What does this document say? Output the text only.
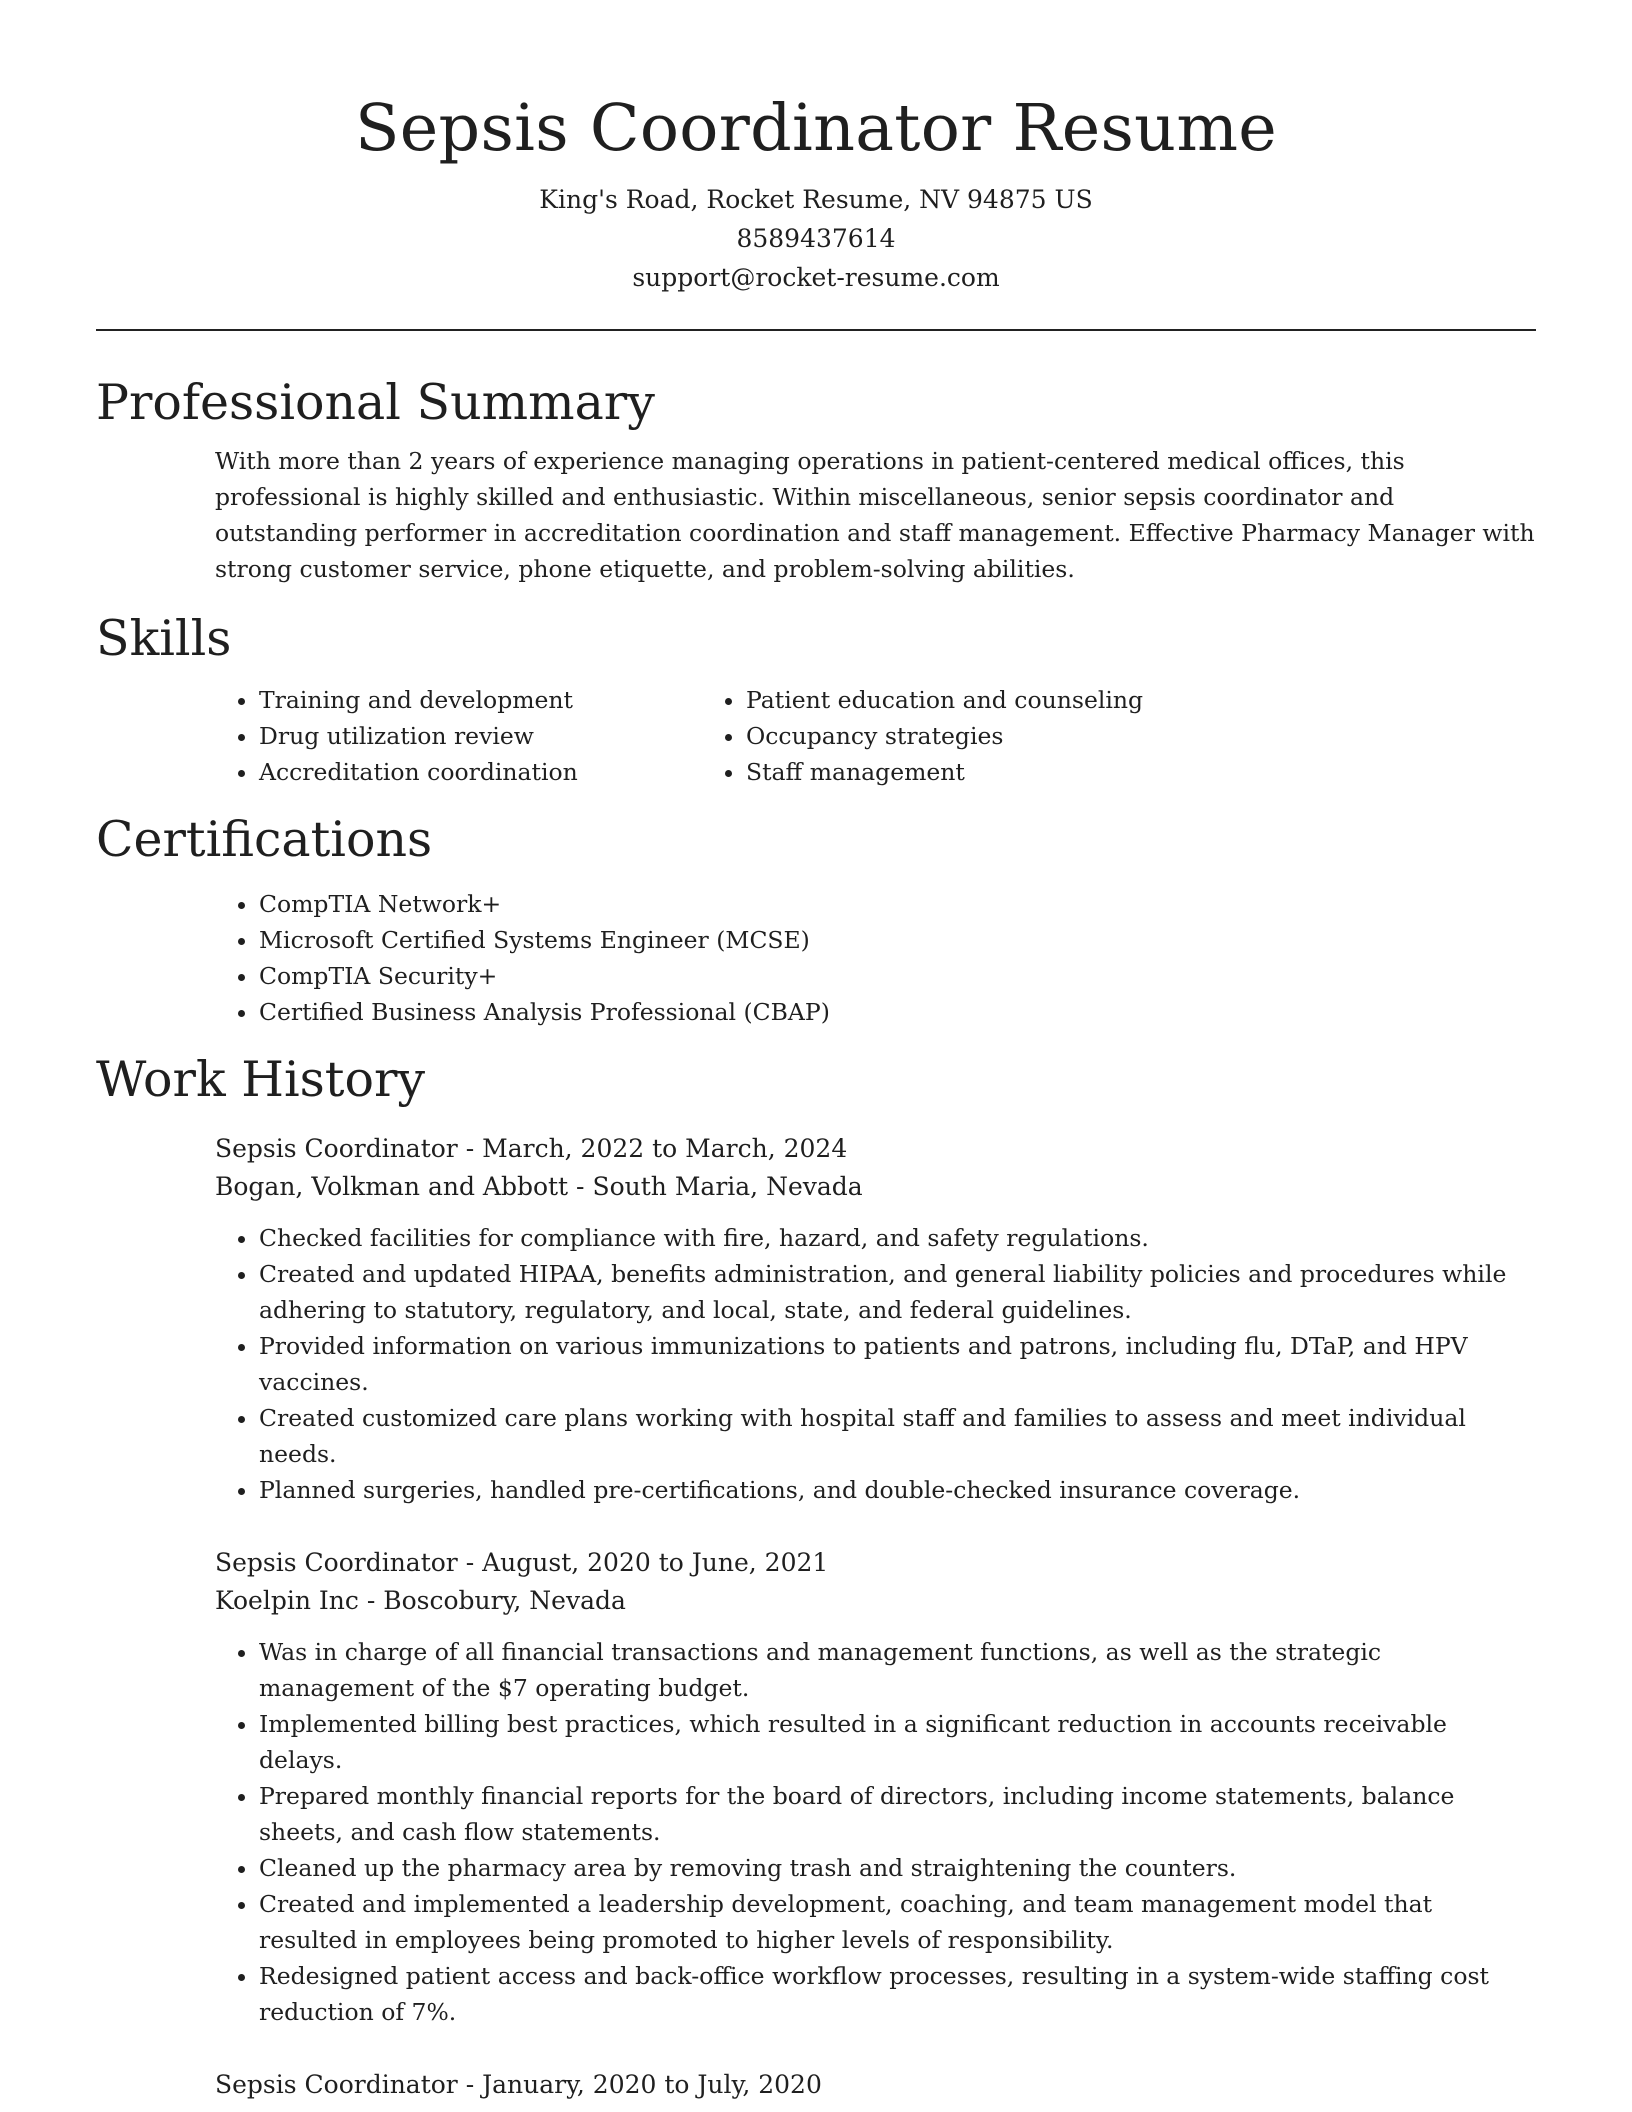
Sepsis Coordinator Resume
King's Road, Rocket Resume, NV 94875 US
8589437614
support@rocket-resume.com
Professional Summary

With more than 2 years of experience managing operations in patient-centered medical offices, this professional is highly skilled and enthusiastic. Within miscellaneous, senior sepsis coordinator and outstanding performer in accreditation coordination and staff management. Effective Pharmacy Manager with strong customer service, phone etiquette, and problem-solving abilities.

Skills
• Training and development
• Drug utilization review
• Accreditation coordination
• Patient education and counseling
• Occupancy strategies
• Staff management
Certifications
• CompTIA Network+
• Microsoft Certified Systems Engineer (MCSE)
• CompTIA Security+
• Certified Business Analysis Professional (CBAP)
Work History
Sepsis Coordinator - March, 2022 to March, 2024
Bogan, Volkman and Abbott - South Maria, Nevada
• Checked facilities for compliance with fire, hazard, and safety regulations.
• Created and updated HIPAA, benefits administration, and general liability policies and procedures while adhering to statutory, regulatory, and local, state, and federal guidelines.
• Provided information on various immunizations to patients and patrons, including flu, DTaP, and HPV vaccines.
• Created customized care plans working with hospital staff and families to assess and meet individual needs.
• Planned surgeries, handled pre-certifications, and double-checked insurance coverage.
Sepsis Coordinator - August, 2020 to June, 2021
Koelpin Inc - Boscobury, Nevada
• Was in charge of all financial transactions and management functions, as well as the strategic management of the $7 operating budget.
• Implemented billing best practices, which resulted in a significant reduction in accounts receivable delays.
• Prepared monthly financial reports for the board of directors, including income statements, balance sheets, and cash flow statements.
• Cleaned up the pharmacy area by removing trash and straightening the counters.
• Created and implemented a leadership development, coaching, and team management model that resulted in employees being promoted to higher levels of responsibility.
• Redesigned patient access and back-office workflow processes, resulting in a system-wide staffing cost reduction of 7%.
Sepsis Coordinator - January, 2020 to July, 2020
